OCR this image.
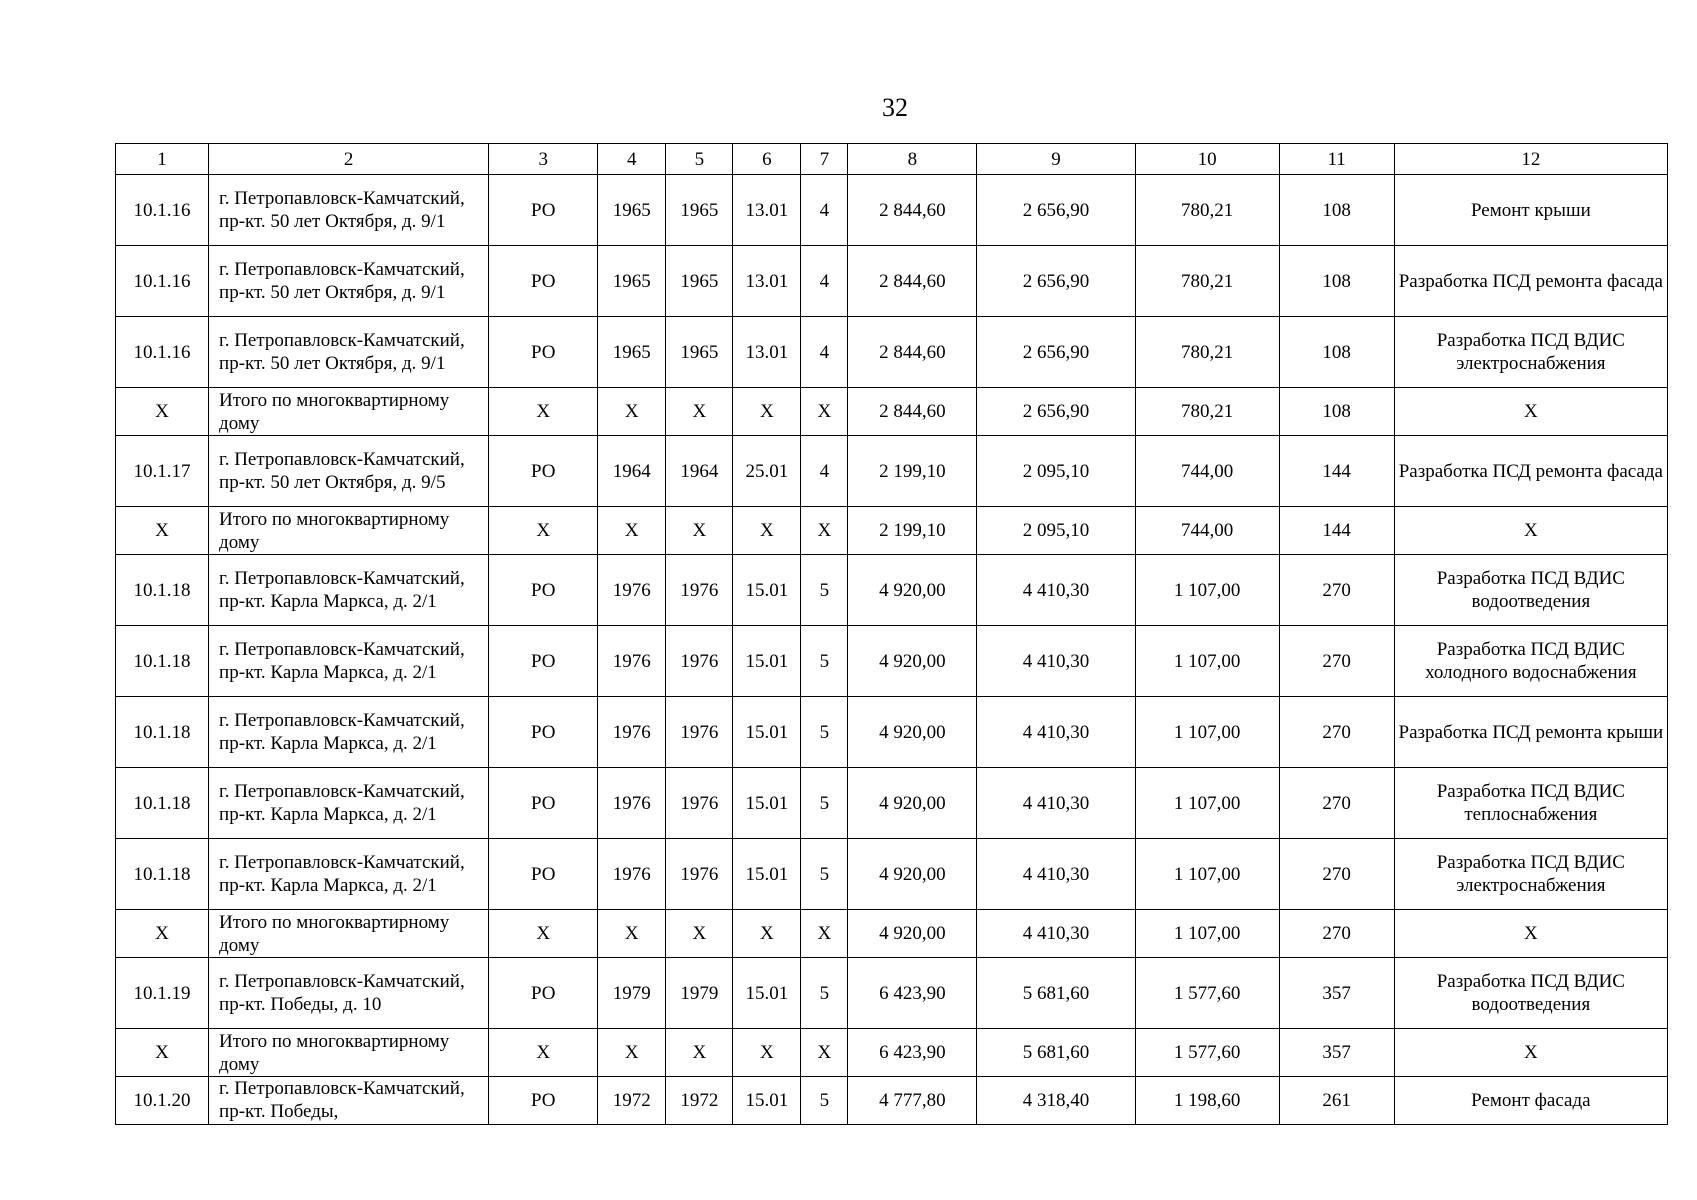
32
1	2	3	4	5	6	7	8	9	10	11	12
10.1.16	г. Петропавловск-Камчатский, пр-кт. 50 лет Октября, д. 9/1	РО	1965	1965	13.01	4	2 844,60	2 656,90	780,21	108	Ремонт крыши
10.1.16	г. Петропавловск-Камчатский, пр-кт. 50 лет Октября, д. 9/1	РО	1965	1965	13.01	4	2 844,60	2 656,90	780,21	108	Разработка ПСД ремонта фасада
10.1.16	г. Петропавловск-Камчатский, пр-кт. 50 лет Октября, д. 9/1	РО	1965	1965	13.01	4	2 844,60	2 656,90	780,21	108	Разработка ПСД ВДИС электроснабжения
Х	Итого по многоквартирному дому	Х	Х	Х	Х	Х	2 844,60	2 656,90	780,21	108	Х
10.1.17	г. Петропавловск-Камчатский, пр-кт. 50 лет Октября, д. 9/5	РО	1964	1964	25.01	4	2 199,10	2 095,10	744,00	144	Разработка ПСД ремонта фасада
Х	Итого по многоквартирному дому	Х	Х	Х	Х	Х	2 199,10	2 095,10	744,00	144	Х
10.1.18	г. Петропавловск-Камчатский, пр-кт. Карла Маркса, д. 2/1	РО	1976	1976	15.01	5	4 920,00	4 410,30	1 107,00	270	Разработка ПСД ВДИС водоотведения
10.1.18	г. Петропавловск-Камчатский, пр-кт. Карла Маркса, д. 2/1	РО	1976	1976	15.01	5	4 920,00	4 410,30	1 107,00	270	Разработка ПСД ВДИС холодного водоснабжения
10.1.18	г. Петропавловск-Камчатский, пр-кт. Карла Маркса, д. 2/1	РО	1976	1976	15.01	5	4 920,00	4 410,30	1 107,00	270	Разработка ПСД ремонта крыши
10.1.18	г. Петропавловск-Камчатский, пр-кт. Карла Маркса, д. 2/1	РО	1976	1976	15.01	5	4 920,00	4 410,30	1 107,00	270	Разработка ПСД ВДИС теплоснабжения
10.1.18	г. Петропавловск-Камчатский, пр-кт. Карла Маркса, д. 2/1	РО	1976	1976	15.01	5	4 920,00	4 410,30	1 107,00	270	Разработка ПСД ВДИС электроснабжения
Х	Итого по многоквартирному дому	Х	Х	Х	Х	Х	4 920,00	4 410,30	1 107,00	270	Х
10.1.19	г. Петропавловск-Камчатский, пр-кт. Победы, д. 10	РО	1979	1979	15.01	5	6 423,90	5 681,60	1 577,60	357	Разработка ПСД ВДИС водоотведения
Х	Итого по многоквартирному дому	Х	Х	Х	Х	Х	6 423,90	5 681,60	1 577,60	357	Х
10.1.20	г. Петропавловск-Камчатский, пр-кт. Победы,	РО	1972	1972	15.01	5	4 777,80	4 318,40	1 198,60	261	Ремонт фасада
